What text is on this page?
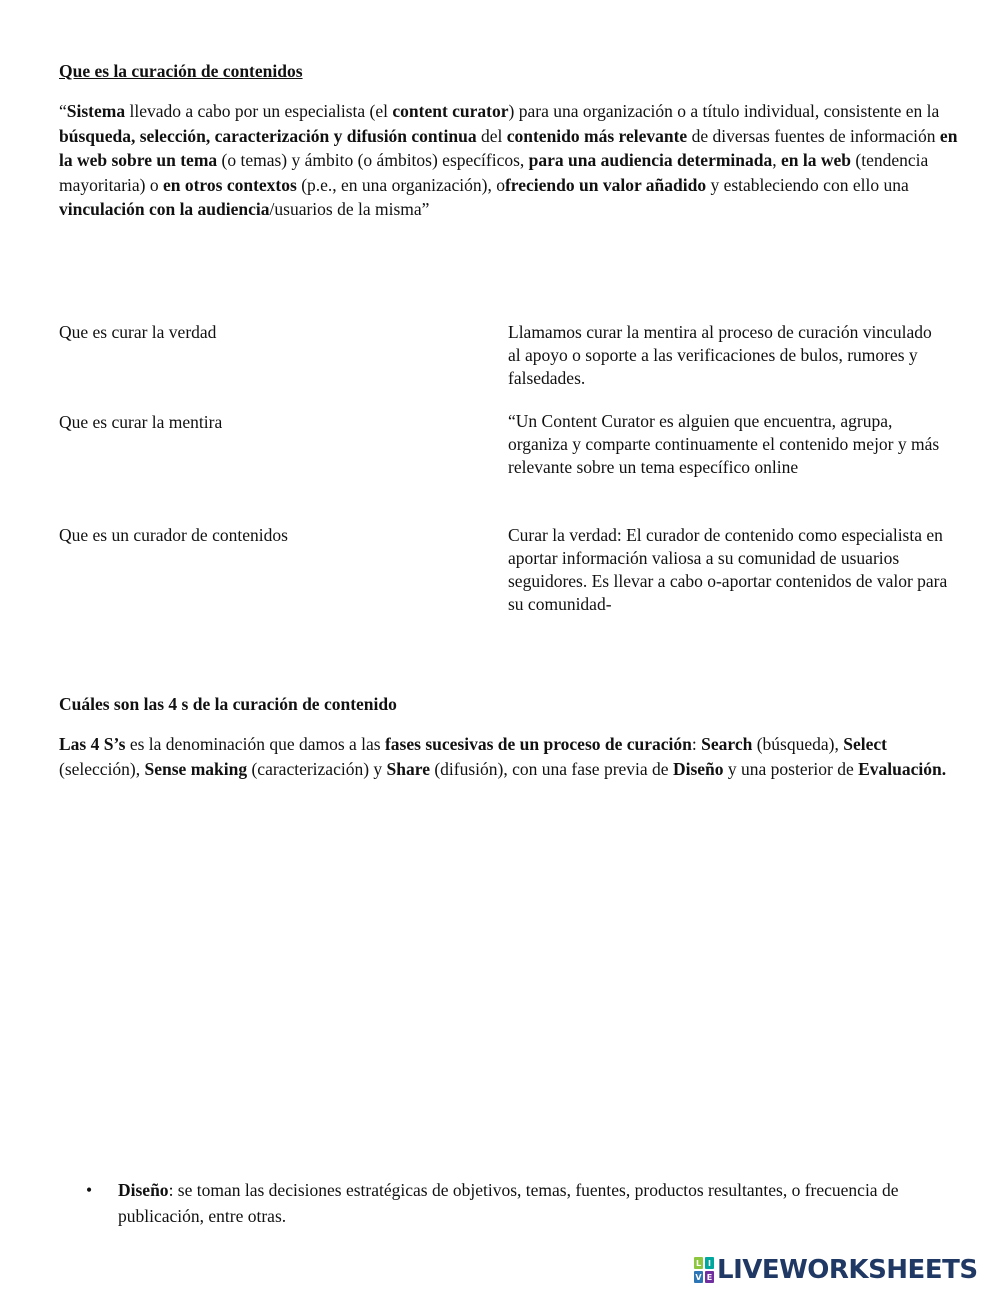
Que es la curación de contenidos
“Sistema llevado a cabo por un especialista (el content curator) para una organización o a título individual, consistente en la búsqueda, selección, caracterización y difusión continua del contenido más relevante de diversas fuentes de información en la web sobre un tema (o temas) y ámbito (o ámbitos) específicos, para una audiencia determinada, en la web (tendencia mayoritaria) o en otros contextos (p.e., en una organización), ofreciendo un valor añadido y estableciendo con ello una vinculación con la audiencia/usuarios de la misma”
Que es curar la verdad
Que es curar la mentira
Que es un curador de contenidos
Llamamos curar la mentira al proceso de curación vinculado al apoyo o soporte a las verificaciones de bulos, rumores y falsedades.
“Un Content Curator es alguien que encuentra, agrupa, organiza y comparte continuamente el contenido mejor y más relevante sobre un tema específico online
Curar la verdad: El curador de contenido como especialista en aportar información valiosa a su comunidad de usuarios seguidores. Es llevar a cabo o-aportar contenidos de valor para su comunidad-
Cuáles son las 4 s de la curación de contenido
Las 4 S’s es la denominación que damos a las fases sucesivas de un proceso de curación: Search (búsqueda), Select (selección), Sense making (caracterización) y Share (difusión), con una fase previa de Diseño y una posterior de Evaluación.
• Diseño: se toman las decisiones estratégicas de objetivos, temas, fuentes, productos resultantes, o frecuencia de publicación, entre otras.
L I
V E LIVEWORKSHEETS
